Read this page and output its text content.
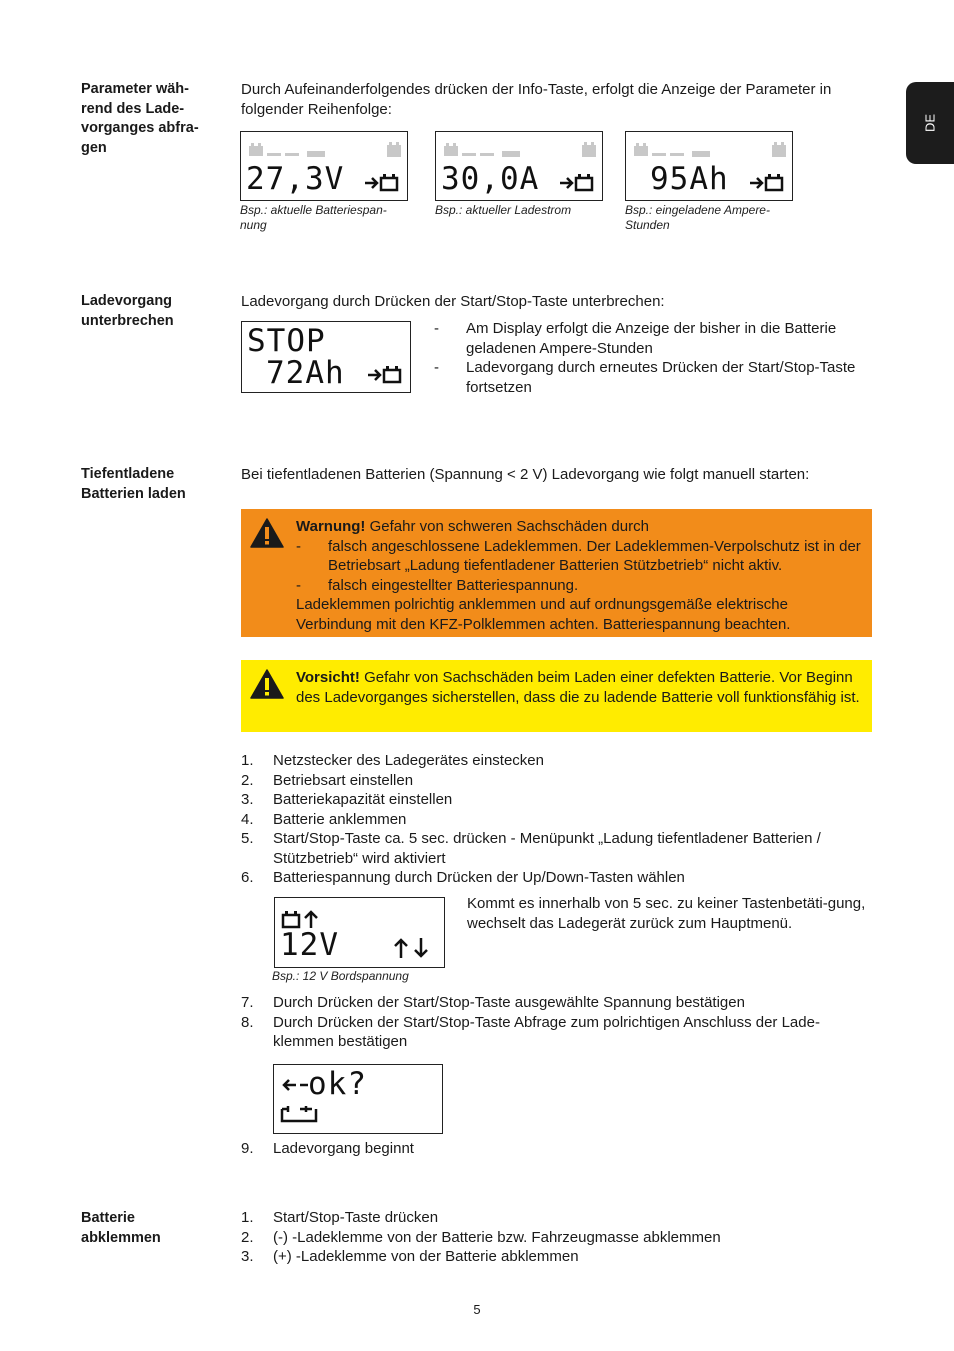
DE
Parameter wäh-
rend des Lade-
vorganges abfra-
gen
Durch Aufeinanderfolgendes drücken der Info-Taste, erfolgt die Anzeige der Parameter in folgender Reihenfolge:
27,3V
Bsp.: aktuelle Batteriespan-
nung
30,0A
Bsp.: aktueller Ladestrom
95Ah
Bsp.: eingeladene Ampere-
Stunden
Ladevorgang
unterbrechen
Ladevorgang durch Drücken der Start/Stop-Taste unterbrechen:
STOP
72Ah
- Am Display erfolgt die Anzeige der bisher in die Batterie geladenen Ampere-Stunden
- Ladevorgang durch erneutes Drücken der Start/Stop-Taste fortsetzen
Tiefentladene
Batterien laden
Bei tiefentladenen Batterien (Spannung < 2 V) Ladevorgang wie folgt manuell starten:
Warnung! Gefahr von schweren Sachschäden durch
- falsch angeschlossene Ladeklemmen. Der Ladeklemmen-Verpolschutz ist in der Betriebsart „Ladung tiefentladener Batterien Stützbetrieb“ nicht aktiv.
- falsch eingestellter Batteriespannung.
Ladeklemmen polrichtig anklemmen und auf ordnungsgemäße elektrische Verbindung mit den KFZ-Polklemmen achten. Batteriespannung beachten.
Vorsicht! Gefahr von Sachschäden beim Laden einer defekten Batterie. Vor Beginn des Ladevorganges sicherstellen, dass die zu ladende Batterie voll funktionsfähig ist.
1. Netzstecker des Ladegerätes einstecken
2. Betriebsart einstellen
3. Batteriekapazität einstellen
4. Batterie anklemmen
5. Start/Stop-Taste ca. 5 sec. drücken - Menüpunkt „Ladung tiefentladener Batterien / Stützbetrieb“ wird aktiviert
6. Batteriespannung durch Drücken der Up/Down-Tasten wählen
12V
Bsp.: 12 V Bordspannung
Kommt es innerhalb von 5 sec. zu keiner Tastenbetäti-gung, wechselt das Ladegerät zurück zum Hauptmenü.
7. Durch Drücken der Start/Stop-Taste ausgewählte Spannung bestätigen
8. Durch Drücken der Start/Stop-Taste Abfrage zum polrichtigen Anschluss der Lade-klemmen bestätigen
ok?
9. Ladevorgang beginnt
Batterie
abklemmen
1. Start/Stop-Taste drücken
2. (-) -Ladeklemme von der Batterie bzw. Fahrzeugmasse abklemmen
3. (+) -Ladeklemme von der Batterie abklemmen
5
